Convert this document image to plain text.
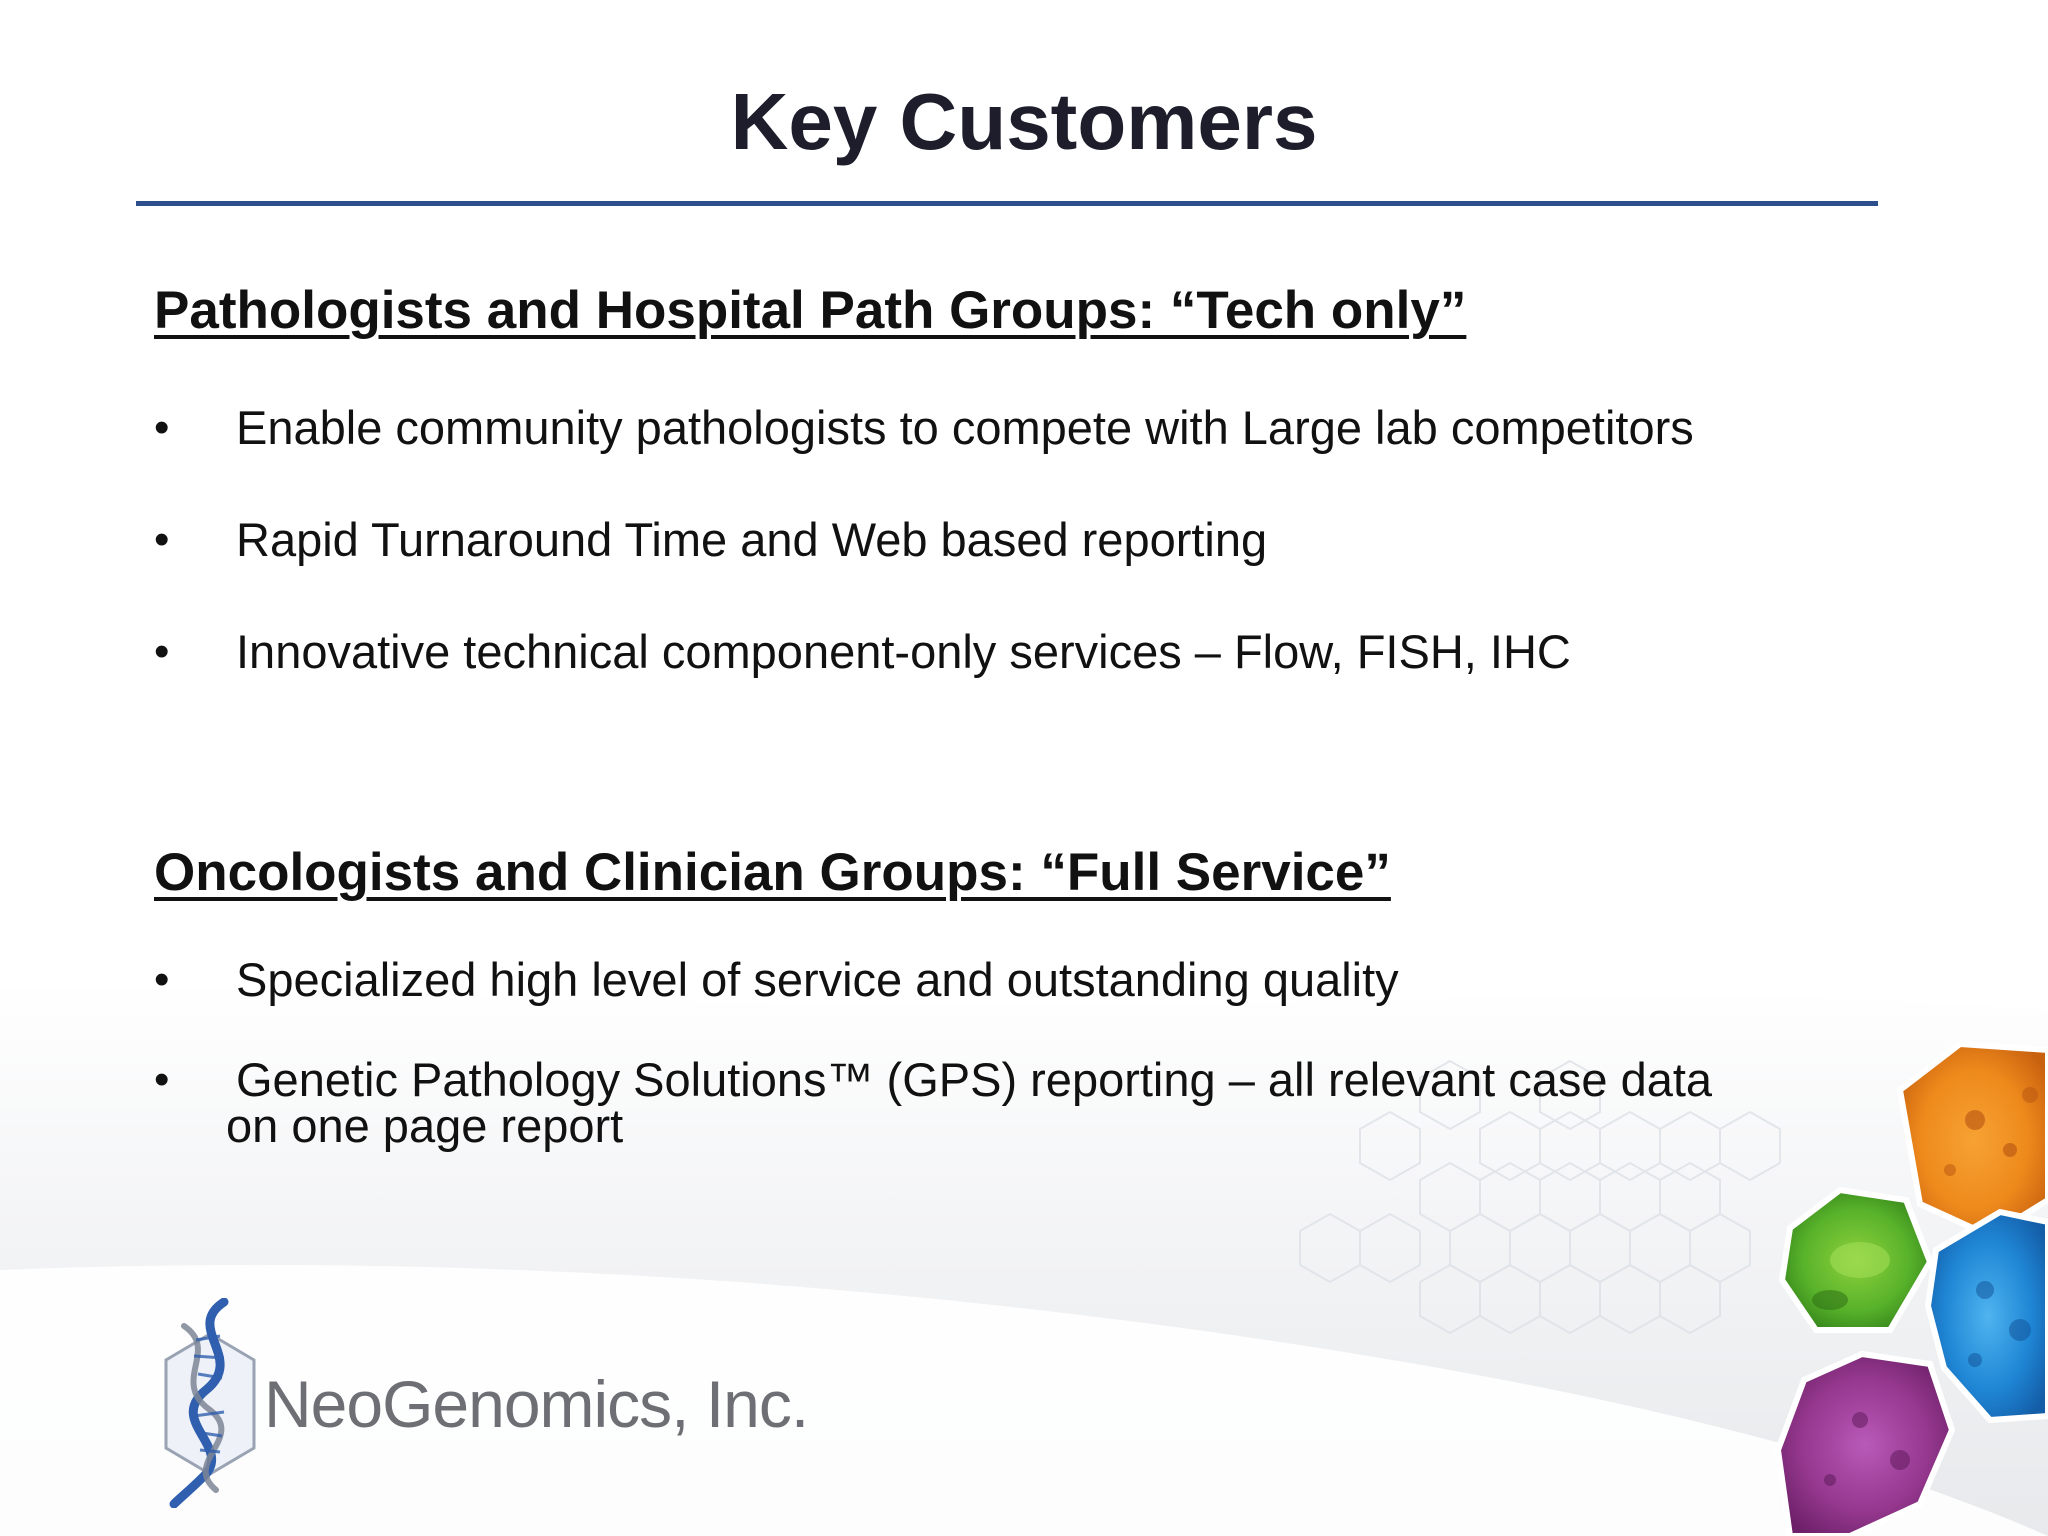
Key Customers
Pathologists and Hospital Path Groups: “Tech only”
•	Enable community pathologists to compete with Large lab competitors
•	Rapid Turnaround Time and Web based reporting
•	Innovative technical component-only services – Flow, FISH, IHC
Oncologists and Clinician Groups: “Full Service”
•	Specialized high level of service and outstanding quality
•	Genetic Pathology Solutions™ (GPS) reporting – all relevant case data
on one page report
NeoGenomics, Inc.
